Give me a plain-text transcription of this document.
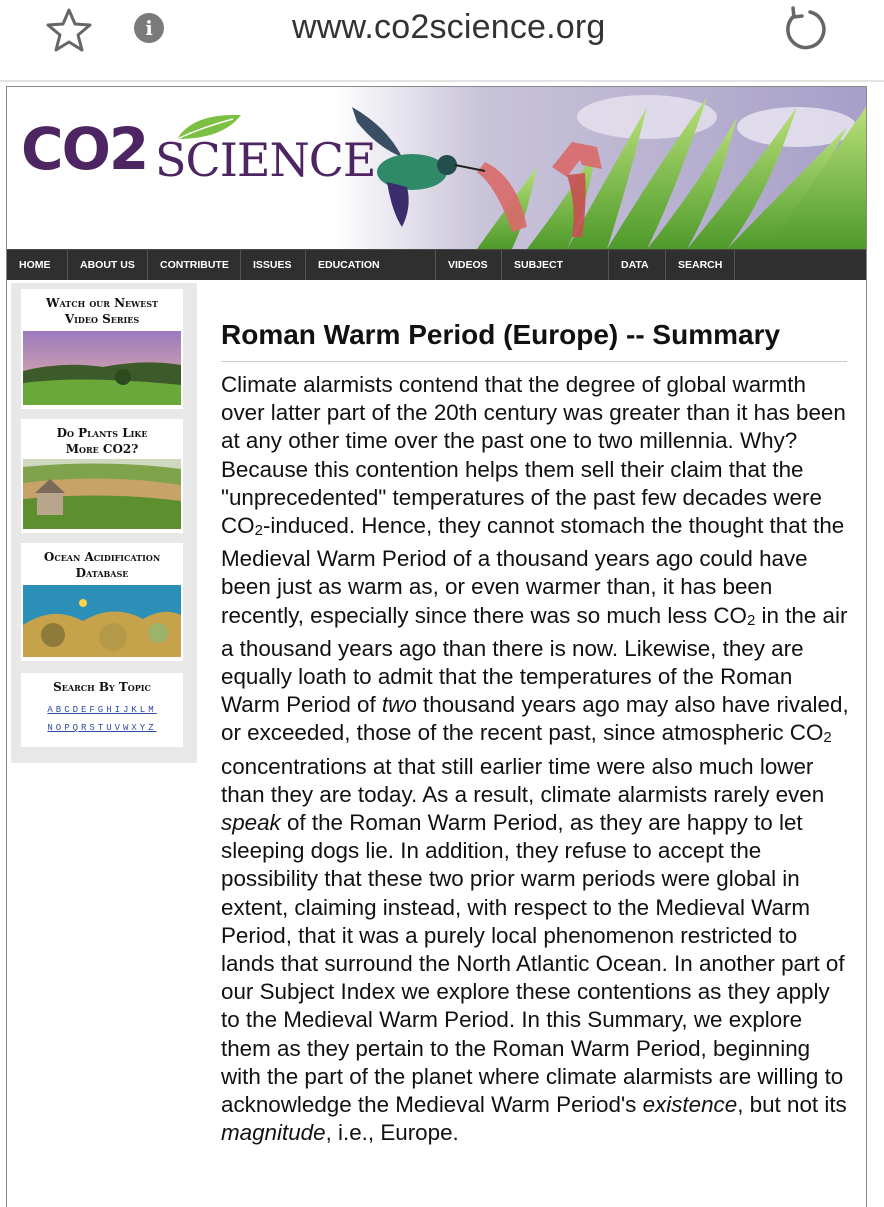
i	www.co2science.org
CO2 SCIENCE
HOME	ABOUT US	CONTRIBUTE	ISSUES	EDUCATION CENTER
VIDEOS	SUBJECT INDEX
DATA	SEARCH
Watch our Newest
Video Series
Do Plants Like
More CO2?
Ocean Acidification
Database
Search By Topic
ABCDEFGHIJKLM
NOPQRSTUVWXYZ
Roman Warm Period (Europe) -- Summary
Climate alarmists contend that the degree of global warmth over latter part of the 20th century was greater than it has been at any other time over the past one to two millennia. Why? Because this contention helps them sell their claim that the "unprecedented" temperatures of the past few decades were $CO_2$-induced. Hence, they cannot stomach the thought that the Medieval Warm Period of a thousand years ago could have been just as warm as, or even warmer than, it has been recently, especially since there was so much less $CO_2$ in the air a thousand years ago than there is now. Likewise, they are equally loath to admit that the temperatures of the Roman Warm Period of two thousand years ago may also have rivaled, or exceeded, those of the recent past, since atmospheric $CO_2$ concentrations at that still earlier time were also much lower than they are today. As a result, climate alarmists rarely even speak of the Roman Warm Period, as they are happy to let sleeping dogs lie. In addition, they refuse to accept the possibility that these two prior warm periods were global in extent, claiming instead, with respect to the Medieval Warm Period, that it was a purely local phenomenon restricted to lands that surround the North Atlantic Ocean. In another part of our Subject Index we explore these contentions as they apply to the Medieval Warm Period. In this Summary, we explore them as they pertain to the Roman Warm Period, beginning with the part of the planet where climate alarmists are willing to acknowledge the Medieval Warm Period's existence, but not its magnitude, i.e., Europe.
